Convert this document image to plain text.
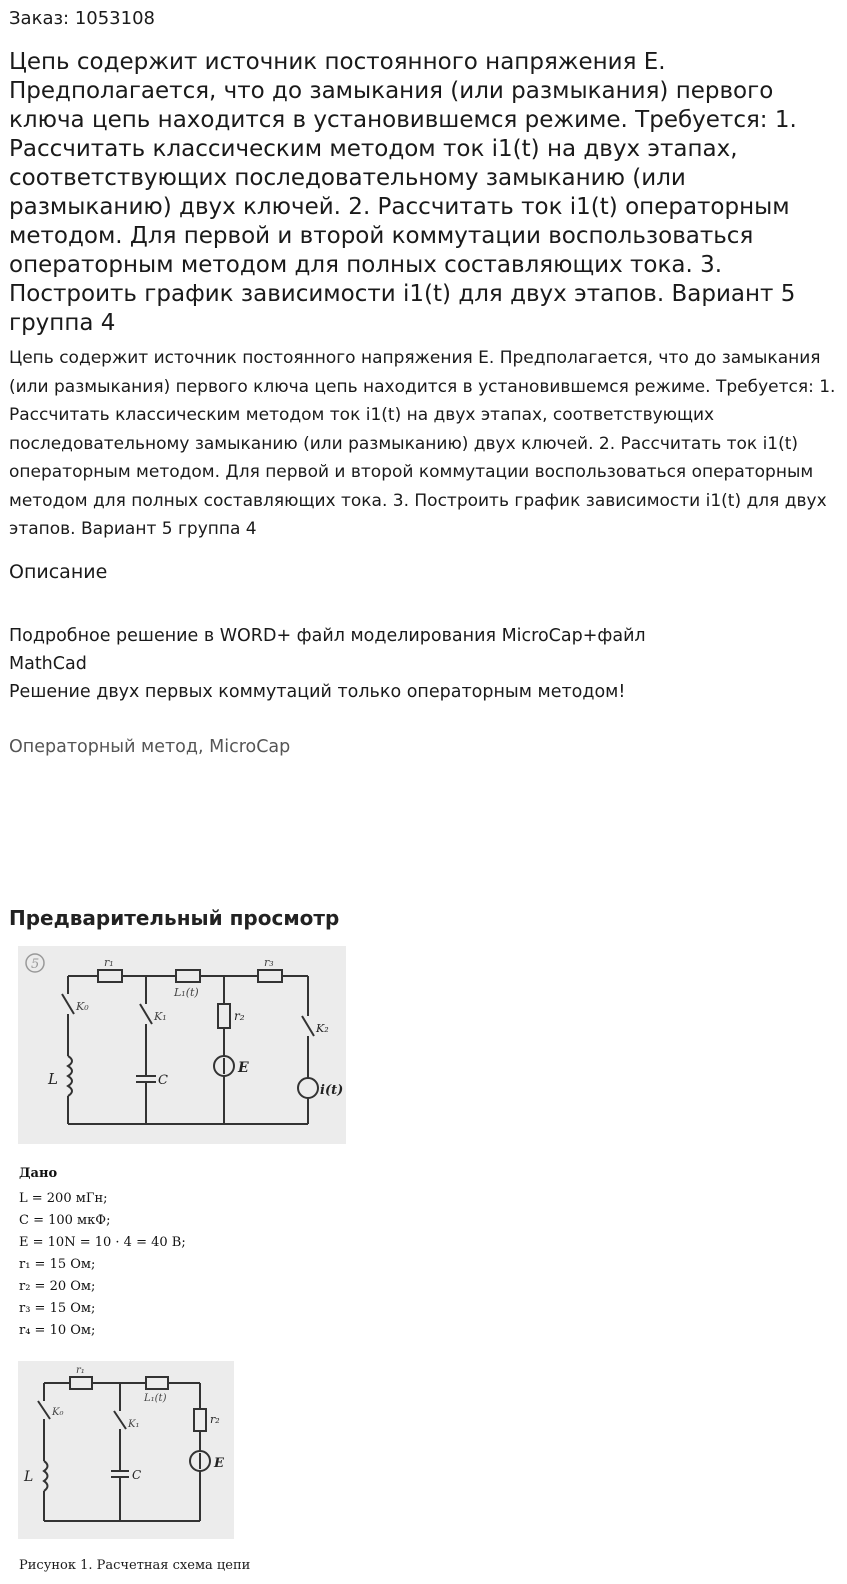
Заказ: 1053108
Цепь содержит источник постоянного напряжения E. Предполагается, что до замыкания (или размыкания) первого ключа цепь находится в установившемся режиме. Требуется: 1. Рассчитать классическим методом ток i1(t) на двух этапах, соответствующих последовательному замыканию (или размыканию) двух ключей. 2. Рассчитать ток i1(t) операторным методом. Для первой и второй коммутации воспользоваться операторным методом для полных составляющих тока. 3. Построить график зависимости i1(t) для двух этапов. Вариант 5 группа 4
Цепь содержит источник постоянного напряжения E. Предполагается, что до замыкания (или размыкания) первого ключа цепь находится в установившемся режиме. Требуется: 1. Рассчитать классическим методом ток i1(t) на двух этапах, соответствующих последовательному замыканию (или размыканию) двух ключей. 2. Рассчитать ток i1(t) операторным методом. Для первой и второй коммутации воспользоваться операторным методом для полных составляющих тока. 3. Построить график зависимости i1(t) для двух этапов. Вариант 5 группа 4
Описание
Подробное решение в WORD+ файл моделирования MicroCap+файл
MathCad
Решение двух первых коммутаций только операторным методом!
Операторный метод, MicroCap
Предварительный просмотр
5	r₁
L₁(t)
r₃
r₂
K₀
K₁
K₂
L	C
E
i(t)
Дано
L = 200 мГн;
C = 100 мкФ;
E = 10N = 10 · 4 = 40 В;
r₁ = 15 Ом;
r₂ = 20 Ом;
r₃ = 15 Ом;
r₄ = 10 Ом;
r₁
L₁(t)
r₂
K₀
K₁
L	C
E
Рисунок 1. Расчетная схема цепи
